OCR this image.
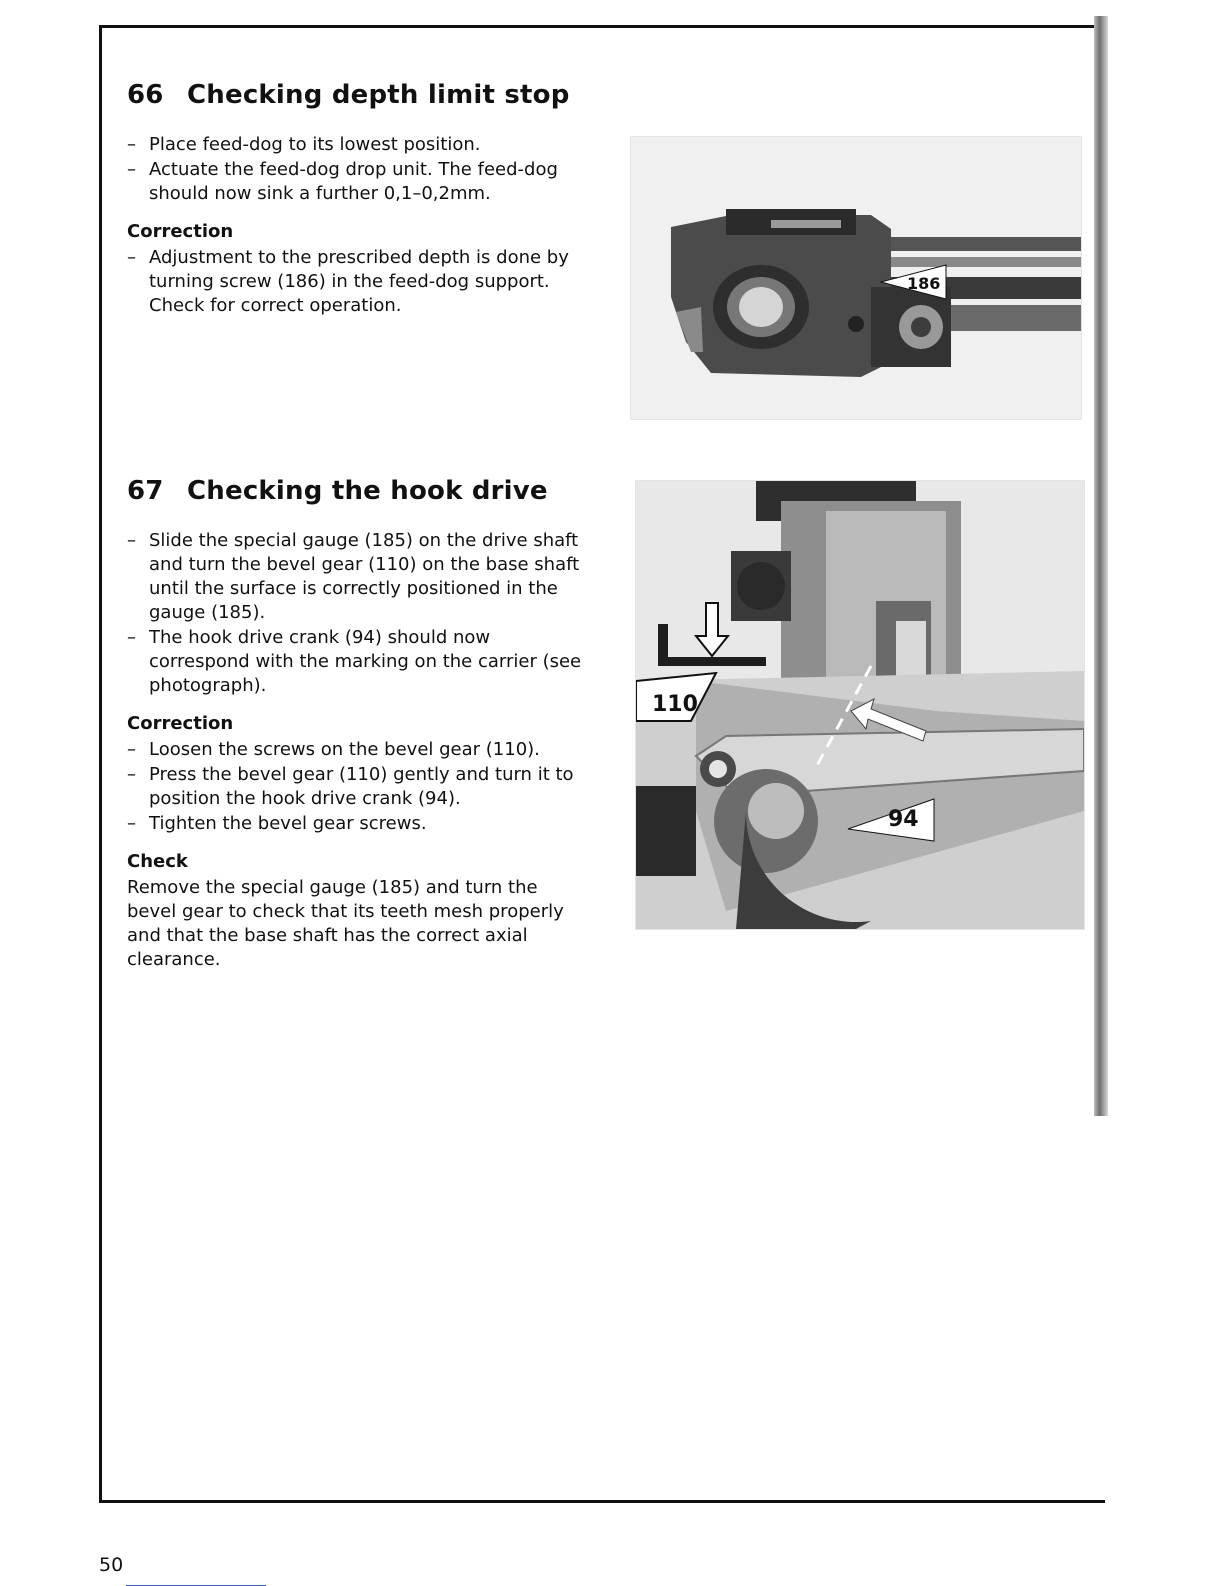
66 Checking depth limit stop
– Place feed-dog to its lowest position.
– Actuate the feed-dog drop unit. The feed-dog should now sink a further 0,1–0,2mm.
Correction
– Adjustment to the prescribed depth is done by turning screw (186) in the feed-dog support. Check for correct operation.
186
67 Checking the hook drive
– Slide the special gauge (185) on the drive shaft and turn the bevel gear (110) on the base shaft until the surface is correctly positioned in the gauge (185).
– The hook drive crank (94) should now correspond with the marking on the carrier (see photograph).
Correction
– Loosen the screws on the bevel gear (110).
– Press the bevel gear (110) gently and turn it to position the hook drive crank (94).
– Tighten the bevel gear screws.
Check

Remove the special gauge (185) and turn the bevel gear to check that its teeth mesh properly and that the base shaft has the correct axial clearance.

110
94
50
